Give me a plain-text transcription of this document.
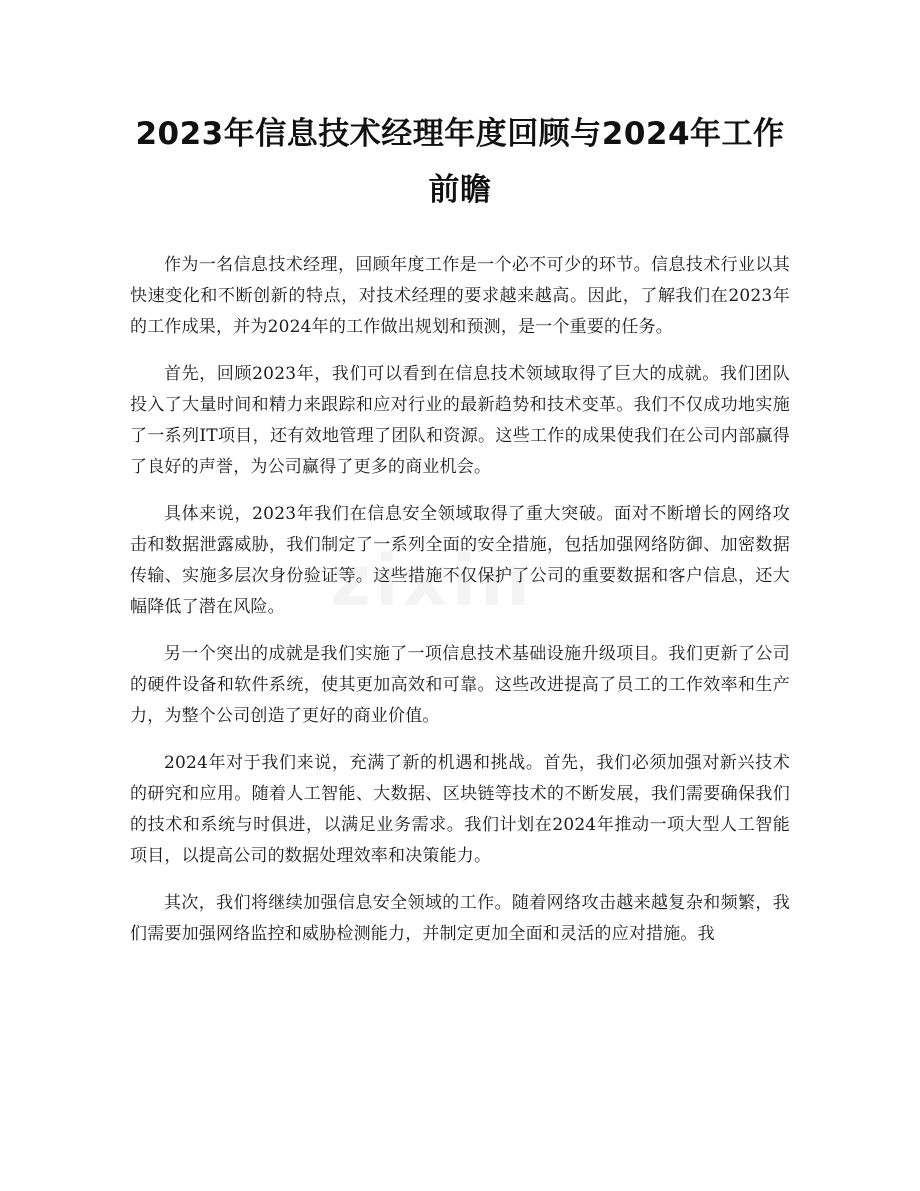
2023年信息技术经理年度回顾与2024年工作前瞻

作为一名信息技术经理，回顾年度工作是一个必不可少的环节。信息技术行业以其快速变化和不断创新的特点，对技术经理的要求越来越高。因此，了解我们在2023年的工作成果，并为2024年的工作做出规划和预测，是一个重要的任务。

首先，回顾2023年，我们可以看到在信息技术领域取得了巨大的成就。我们团队投入了大量时间和精力来跟踪和应对行业的最新趋势和技术变革。我们不仅成功地实施了一系列IT项目，还有效地管理了团队和资源。这些工作的成果使我们在公司内部赢得了良好的声誉，为公司赢得了更多的商业机会。

具体来说，2023年我们在信息安全领域取得了重大突破。面对不断增长的网络攻击和数据泄露威胁，我们制定了一系列全面的安全措施，包括加强网络防御、加密数据传输、实施多层次身份验证等。这些措施不仅保护了公司的重要数据和客户信息，还大幅降低了潜在风险。

另一个突出的成就是我们实施了一项信息技术基础设施升级项目。我们更新了公司的硬件设备和软件系统，使其更加高效和可靠。这些改进提高了员工的工作效率和生产力，为整个公司创造了更好的商业价值。

2024年对于我们来说，充满了新的机遇和挑战。首先，我们必须加强对新兴技术的研究和应用。随着人工智能、大数据、区块链等技术的不断发展，我们需要确保我们的技术和系统与时俱进，以满足业务需求。我们计划在2024年推动一项大型人工智能项目，以提高公司的数据处理效率和决策能力。

其次，我们将继续加强信息安全领域的工作。随着网络攻击越来越复杂和频繁，我们需要加强网络监控和威胁检测能力，并制定更加全面和灵活的应对措施。我
